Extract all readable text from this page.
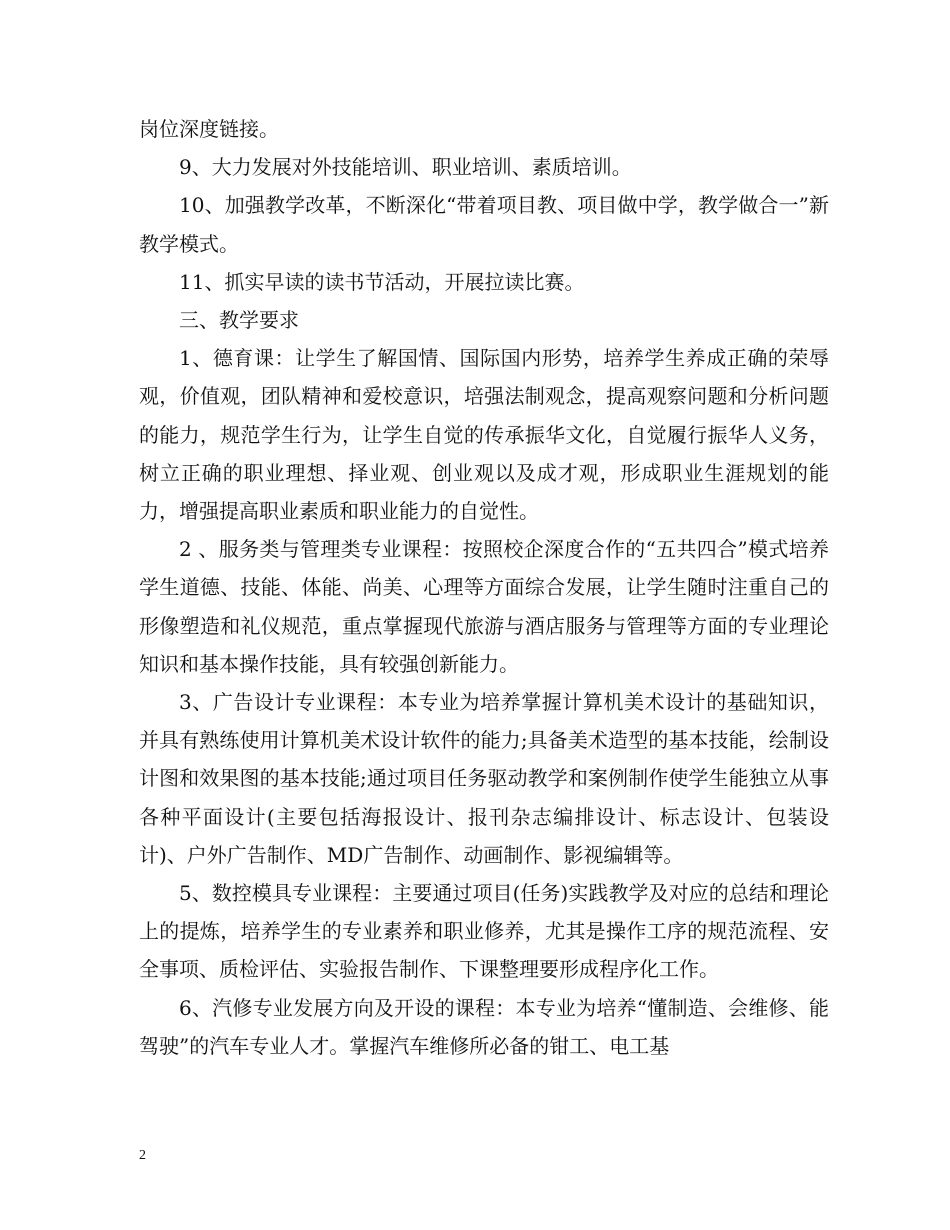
岗位深度链接。

9、大力发展对外技能培训、职业培训、素质培训。

10、加强教学改革，不断深化“带着项目教、项目做中学，教学做合一”新教学模式。

11、抓实早读的读书节活动，开展拉读比赛。

三、教学要求

1、德育课：让学生了解国情、国际国内形势，培养学生养成正确的荣辱观，价值观，团队精神和爱校意识，培强法制观念，提高观察问题和分析问题的能力，规范学生行为，让学生自觉的传承振华文化，自觉履行振华人义务，树立正确的职业理想、择业观、创业观以及成才观，形成职业生涯规划的能力，增强提高职业素质和职业能力的自觉性。

2 、服务类与管理类专业课程：按照校企深度合作的“五共四合”模式培养学生道德、技能、体能、尚美、心理等方面综合发展，让学生随时注重自己的形像塑造和礼仪规范，重点掌握现代旅游与酒店服务与管理等方面的专业理论知识和基本操作技能，具有较强创新能力。

3、广告设计专业课程：本专业为培养掌握计算机美术设计的基础知识，并具有熟练使用计算机美术设计软件的能力;具备美术造型的基本技能，绘制设计图和效果图的基本技能;通过项目任务驱动教学和案例制作使学生能独立从事各种平面设计(主要包括海报设计、报刊杂志编排设计、标志设计、包装设计)、户外广告制作、MD广告制作、动画制作、影视编辑等。

5、数控模具专业课程：主要通过项目(任务)实践教学及对应的总结和理论上的提炼，培养学生的专业素养和职业修养，尤其是操作工序的规范流程、安全事项、质检评估、实验报告制作、下课整理要形成程序化工作。

6、汽修专业发展方向及开设的课程：本专业为培养“懂制造、会维修、能驾驶”的汽车专业人才。掌握汽车维修所必备的钳工、电工基

2
